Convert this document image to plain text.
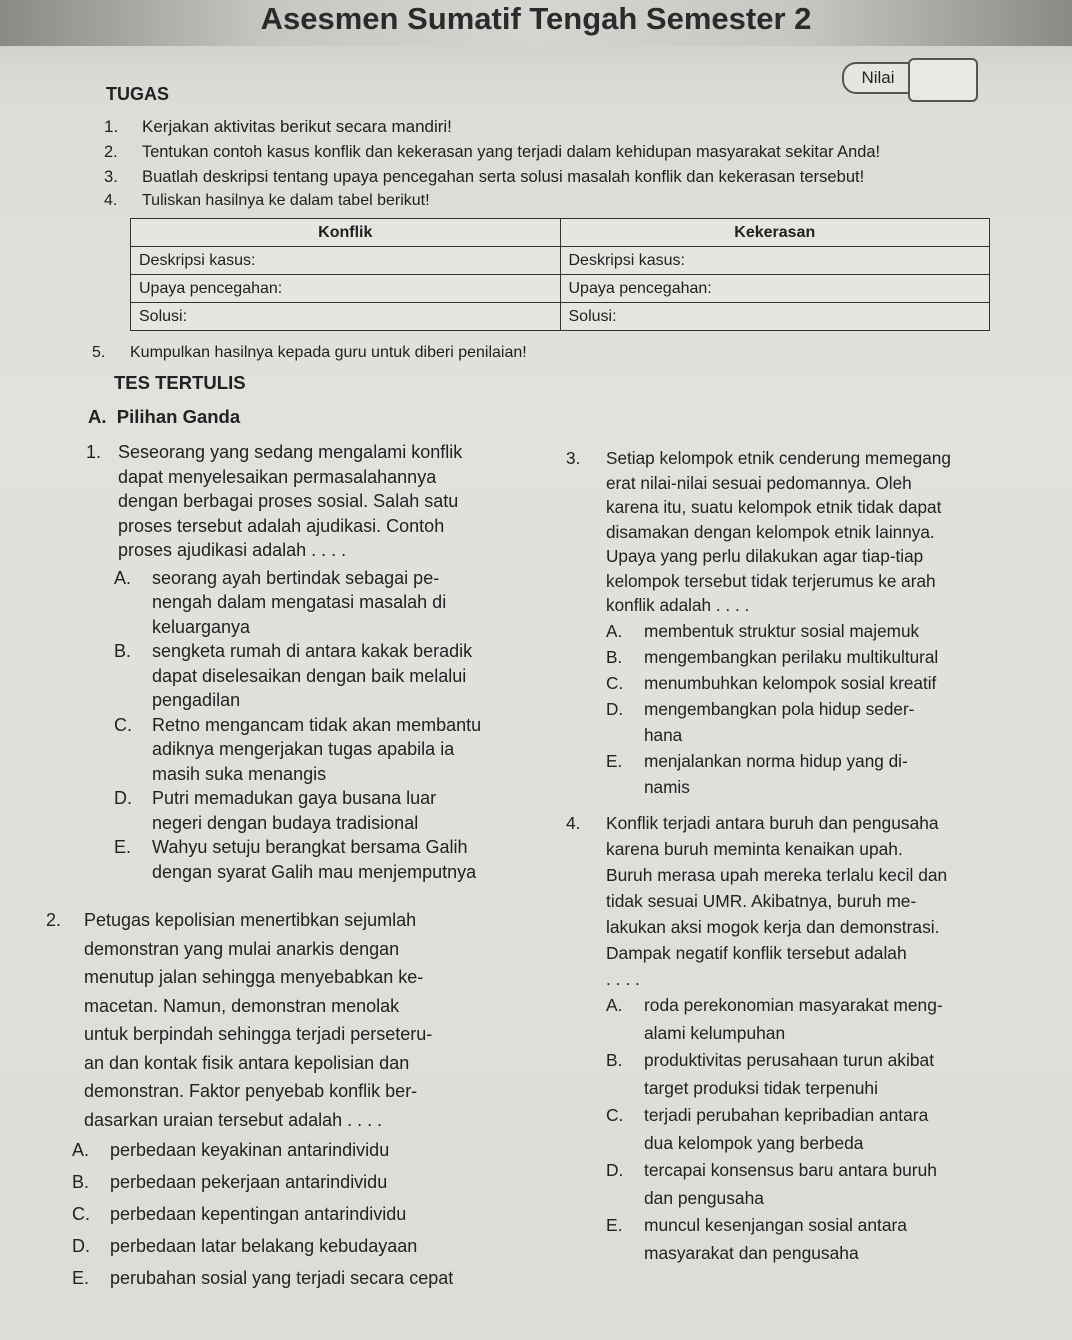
Asesmen Sumatif Tengah Semester 2
Nilai
TUGAS
1. Kerjakan aktivitas berikut secara mandiri!
2. Tentukan contoh kasus konflik dan kekerasan yang terjadi dalam kehidupan masyarakat sekitar Anda!
3. Buatlah deskripsi tentang upaya pencegahan serta solusi masalah konflik dan kekerasan tersebut!
4. Tuliskan hasilnya ke dalam tabel berikut!
Konflik	Kekerasan
Deskripsi kasus:	Deskripsi kasus:
Upaya pencegahan:	Upaya pencegahan:
Solusi:	Solusi:
5. Kumpulkan hasilnya kepada guru untuk diberi penilaian!
TES TERTULIS
A.  Pilihan Ganda
1. Seseorang yang sedang mengalami konflik
dapat menyelesaikan permasalahannya
dengan berbagai proses sosial. Salah satu
proses tersebut adalah ajudikasi. Contoh
proses ajudikasi adalah . . . .
A. seorang ayah bertindak sebagai pe-
nengah dalam mengatasi masalah di
keluarganya
B. sengketa rumah di antara kakak beradik
dapat diselesaikan dengan baik melalui
pengadilan
C. Retno mengancam tidak akan membantu
adiknya mengerjakan tugas apabila ia
masih suka menangis
D. Putri memadukan gaya busana luar
negeri dengan budaya tradisional
E. Wahyu setuju berangkat bersama Galih
dengan syarat Galih mau menjemputnya
2. Petugas kepolisian menertibkan sejumlah
demonstran yang mulai anarkis dengan
menutup jalan sehingga menyebabkan ke-
macetan. Namun, demonstran menolak
untuk berpindah sehingga terjadi perseteru-
an dan kontak fisik antara kepolisian dan
demonstran. Faktor penyebab konflik ber-
dasarkan uraian tersebut adalah . . . .
A. perbedaan keyakinan antarindividu
B. perbedaan pekerjaan antarindividu
C. perbedaan kepentingan antarindividu
D. perbedaan latar belakang kebudayaan
E. perubahan sosial yang terjadi secara cepat
3. Setiap kelompok etnik cenderung memegang
erat nilai-nilai sesuai pedomannya. Oleh
karena itu, suatu kelompok etnik tidak dapat
disamakan dengan kelompok etnik lainnya.
Upaya yang perlu dilakukan agar tiap-tiap
kelompok tersebut tidak terjerumus ke arah
konflik adalah . . . .
A. membentuk struktur sosial majemuk
B. mengembangkan perilaku multikultural
C. menumbuhkan kelompok sosial kreatif
D. mengembangkan pola hidup seder-
hana
E. menjalankan norma hidup yang di-
namis
4. Konflik terjadi antara buruh dan pengusaha
karena buruh meminta kenaikan upah.
Buruh merasa upah mereka terlalu kecil dan
tidak sesuai UMR. Akibatnya, buruh me-
lakukan aksi mogok kerja dan demonstrasi.
Dampak negatif konflik tersebut adalah
. . . .
A. roda perekonomian masyarakat meng-
alami kelumpuhan
B. produktivitas perusahaan turun akibat
target produksi tidak terpenuhi
C. terjadi perubahan kepribadian antara
dua kelompok yang berbeda
D. tercapai konsensus baru antara buruh
dan pengusaha
E. muncul kesenjangan sosial antara
masyarakat dan pengusaha
